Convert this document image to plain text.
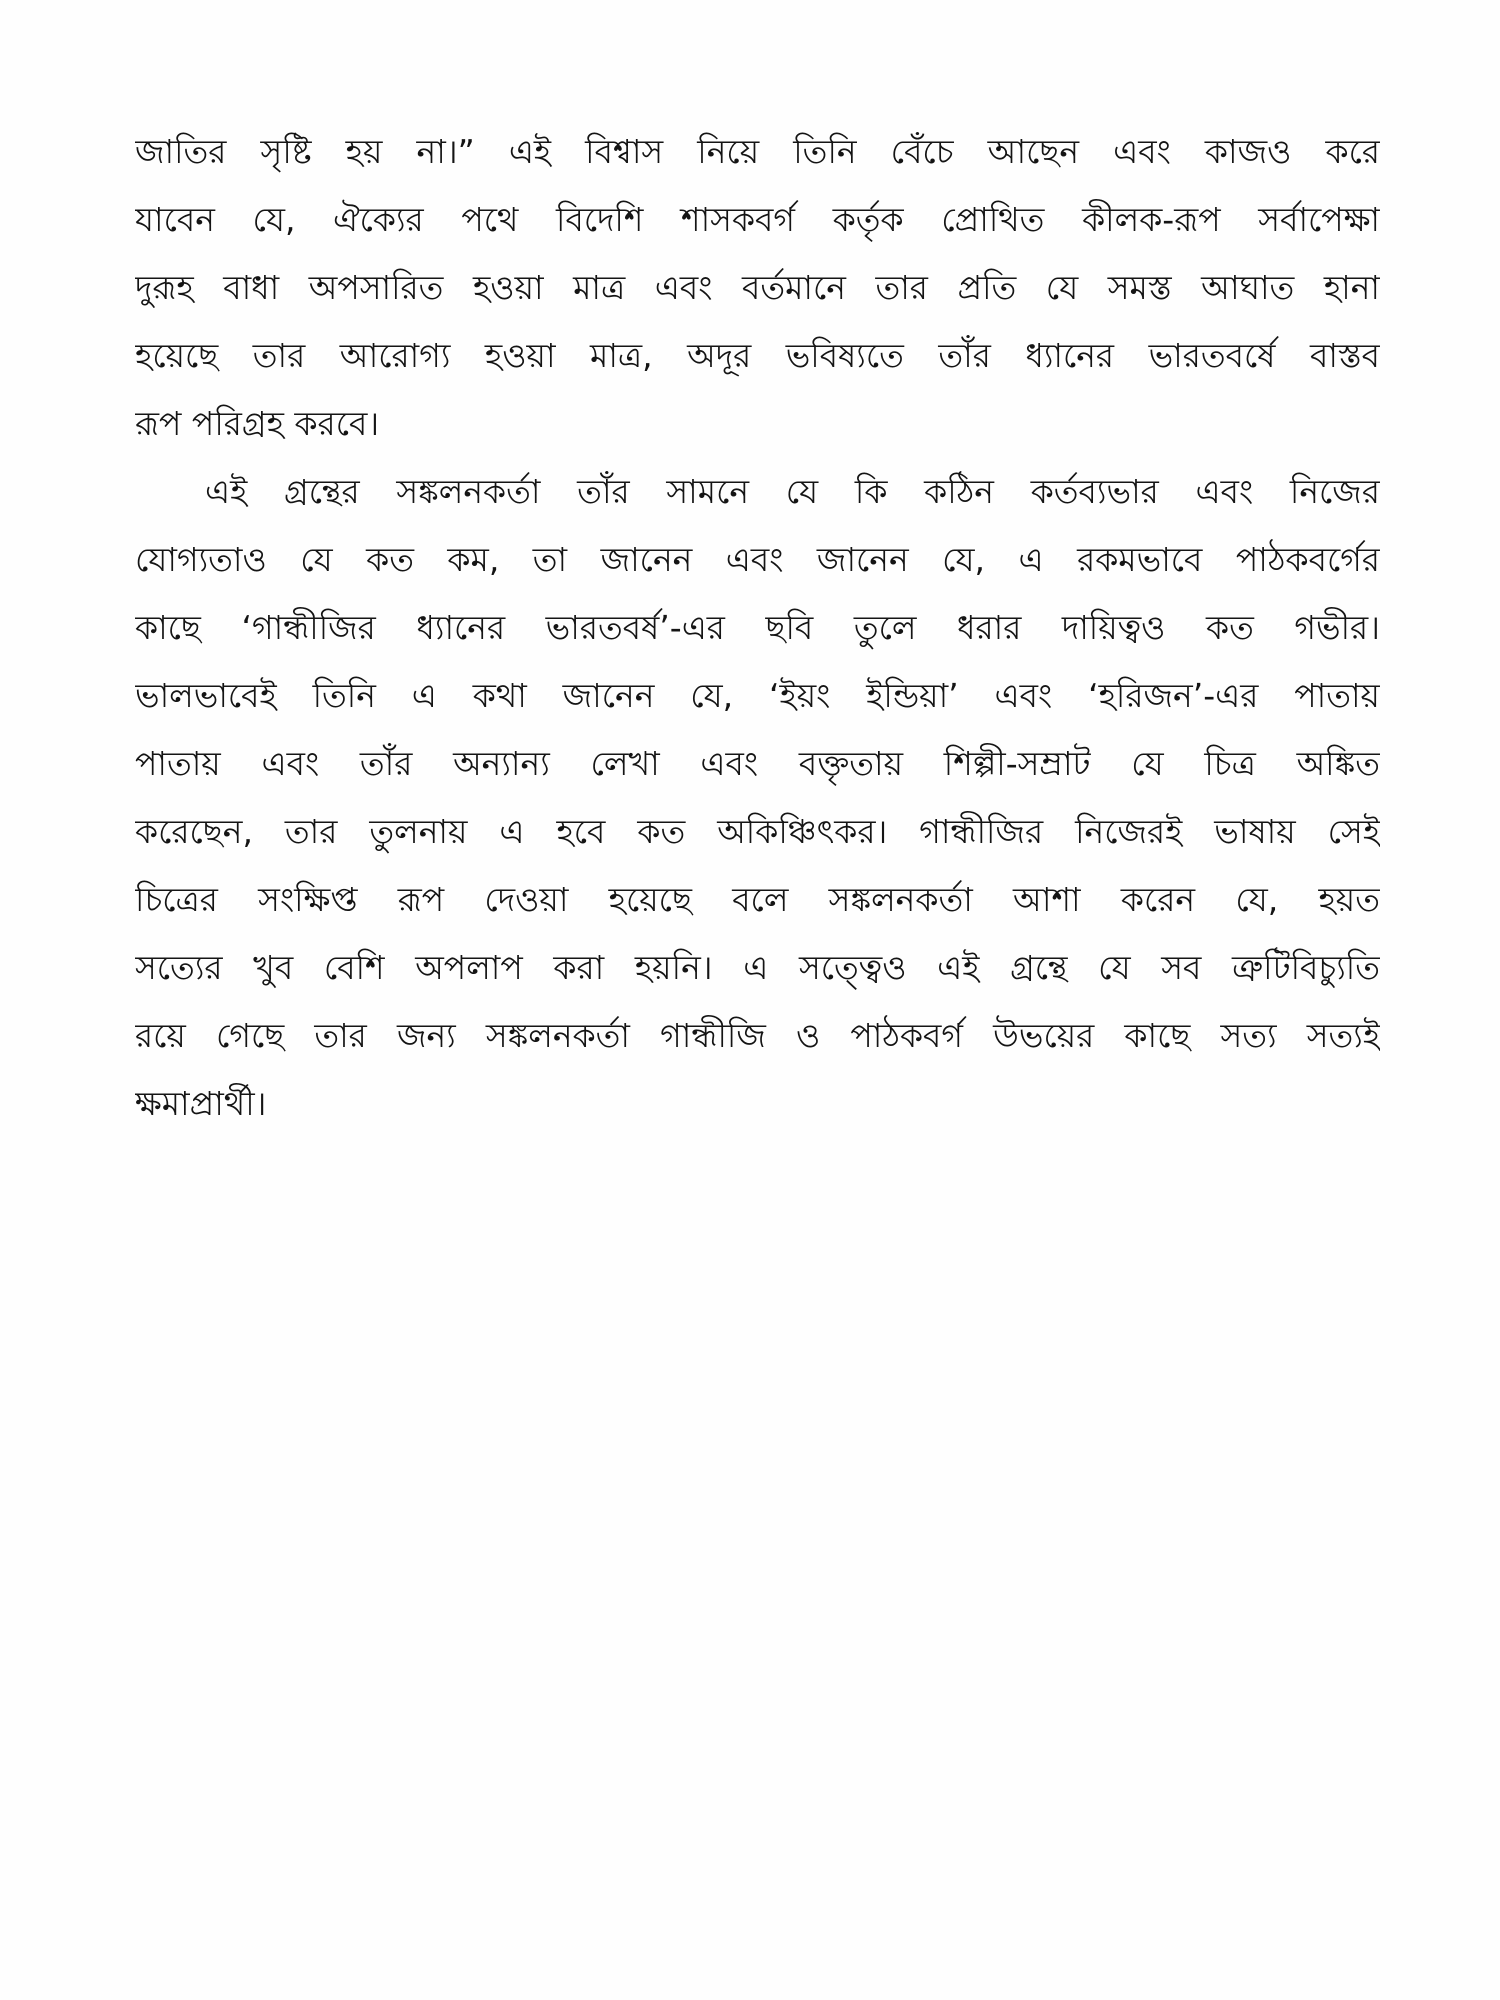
জাতির সৃষ্টি হয় না।” এই বিশ্বাস নিয়ে তিনি বেঁচে আছেন এবং কাজও করে
যাবেন যে, ঐক্যের পথে বিদেশি শাসকবর্গ কর্তৃক প্রোথিত কীলক-রূপ সর্বাপেক্ষা
দুরূহ বাধা অপসারিত হওয়া মাত্র এবং বর্তমানে তার প্রতি যে সমস্ত আঘাত হানা
হয়েছে তার আরোগ্য হওয়া মাত্র, অদূর ভবিষ্যতে তাঁর ধ্যানের ভারতবর্ষে বাস্তব
রূপ পরিগ্রহ করবে।
এই গ্রন্থের সঙ্কলনকর্তা তাঁর সামনে যে কি কঠিন কর্তব্যভার এবং নিজের
যোগ্যতাও যে কত কম, তা জানেন এবং জানেন যে, এ রকমভাবে পাঠকবর্গের
কাছে ‘গান্ধীজির ধ্যানের ভারতবর্ষ’-এর ছবি তুলে ধরার দায়িত্বও কত গভীর।
ভালভাবেই তিনি এ কথা জানেন যে, ‘ইয়ং ইন্ডিয়া’ এবং ‘হরিজন’-এর পাতায়
পাতায় এবং তাঁর অন্যান্য লেখা এবং বক্তৃতায় শিল্পী-সম্রাট যে চিত্র অঙ্কিত
করেছেন, তার তুলনায় এ হবে কত অকিঞ্চিৎকর। গান্ধীজির নিজেরই ভাষায় সেই
চিত্রের সংক্ষিপ্ত রূপ দেওয়া হয়েছে বলে সঙ্কলনকর্তা আশা করেন যে, হয়ত
সত্যের খুব বেশি অপলাপ করা হয়নি। এ সত্ত্বেও এই গ্রন্থে যে সব ত্রুটিবিচ্যুতি
রয়ে গেছে তার জন্য সঙ্কলনকর্তা গান্ধীজি ও পাঠকবর্গ উভয়ের কাছে সত্য সত্যই
ক্ষমাপ্রার্থী।
